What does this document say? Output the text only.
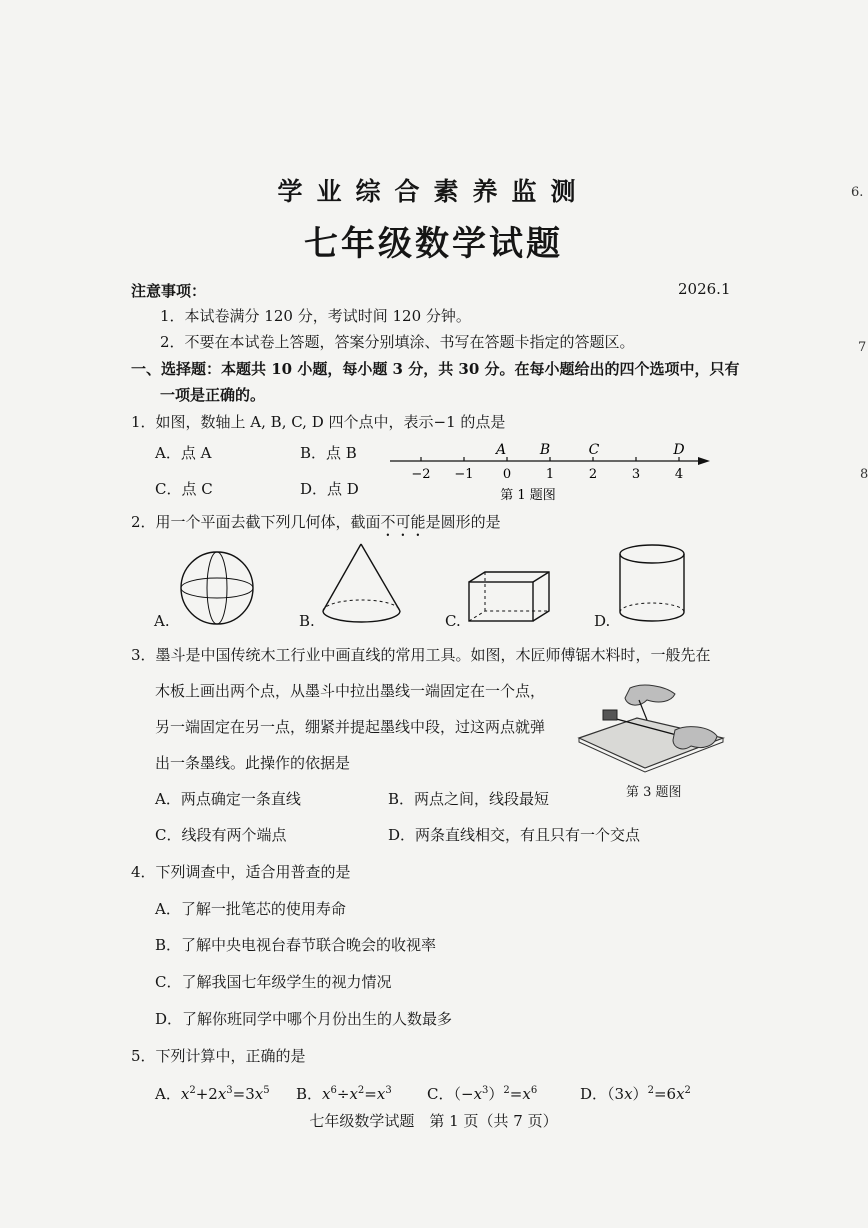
6.
7
8
学业综合素养监测
七年级数学试题
注意事项：	2026.1
1．本试卷满分 120 分，考试时间 120 分钟。
2．不要在本试卷上答题，答案分别填涂、书写在答题卡指定的答题区。
一、选择题：本题共 10 小题，每小题 3 分，共 30 分。在每小题给出的四个选项中，只有
一项是正确的。
1．如图，数轴上 A, B, C, D 四个点中，表示−1 的点是
A．点 A	B．点 B
C．点 C	D．点 D
A B	C	D
−2 −1 0	1	2	3	4
第 1 题图
2．用一个平面去截下列几何体，截面不可能是圆形的是
A.	B.	C.	D.
3．墨斗是中国传统木工行业中画直线的常用工具。如图，木匠师傅锯木料时，一般先在
木板上画出两个点，从墨斗中拉出墨线一端固定在一个点，
另一端固定在另一点，绷紧并提起墨线中段，过这两点就弹
出一条墨线。此操作的依据是
第 3 题图
A．两点确定一条直线	B．两点之间，线段最短
C．线段有两个端点	D．两条直线相交，有且只有一个交点
4．下列调查中，适合用普查的是
A．了解一批笔芯的使用寿命
B．了解中央电视台春节联合晚会的收视率
C．了解我国七年级学生的视力情况
D．了解你班同学中哪个月份出生的人数最多
5．下列计算中，正确的是
A．$x^2+2x^3=3x^5$ B．$x^6\div x^2=x^3$ C．$(-x^3)^2=x^6$	D．$(3x)^2=6x^2$
七年级数学试题　第 1 页（共 7 页）
